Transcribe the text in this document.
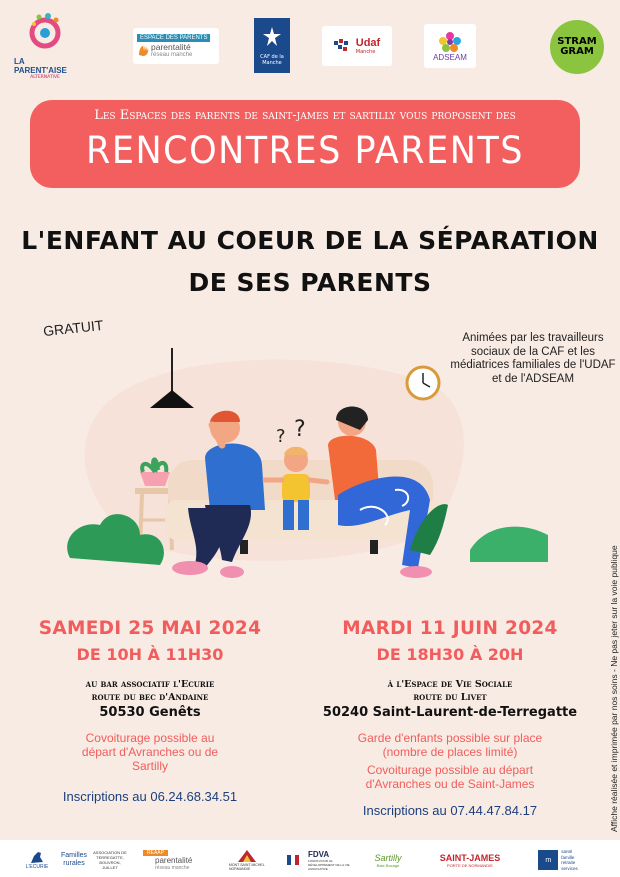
LA PARENT'AISE
ALTERNATIVE
ESPACE DES PARENTS
parentalité
réseau manche	CAF de la Manche
Udaf
Manche
ADSEAM
STRAM
GRAM
Les Espaces des parents de saint-james et sartilly vous proposent des
RENCONTRES PARENTS
L'ENFANT AU COEUR DE LA SÉPARATION
DE SES PARENTS
GRATUIT	Animées par les travailleurs sociaux de la CAF et les médiatrices familiales de l'UDAF et de l'ADSEAM
? ?
SAMEDI 25 MAI 2024
DE 10H À 11H30
au bar associatif l'Ecurie
route du bec d'Andaine
50530 Genêts
Covoiturage possible au départ d'Avranches ou de Sartilly
Inscriptions au 06.24.68.34.51
MARDI 11 JUIN 2024
DE 18H30 À 20H
à l'Espace de Vie Sociale
route du Livet
50240 Saint-Laurent-de-Terregatte
Garde d'enfants possible sur place (nombre de places limité)
Covoiturage possible au départ d'Avranches ou de Saint-James
Inscriptions au 07.44.47.84.17	Affiche réalisée et imprimée par nos soins - Ne pas jeter sur la voie publique
L'ECURIE
Familles rurales
ASSOCIATION DE TERREGATTE, BOUVRON, JUILLET
REAAP
parentalité
réseau manche	MONT SAINT-MICHEL NORMANDIE
FDVA
FONDS POUR LE DÉVELOPPEMENT DE LA VIE ASSOCIATIVE
Sartilly
Baie Bocage
SAINT-JAMES
PORTE DE NORMANDIE
m
santé
famille
retraite
services
